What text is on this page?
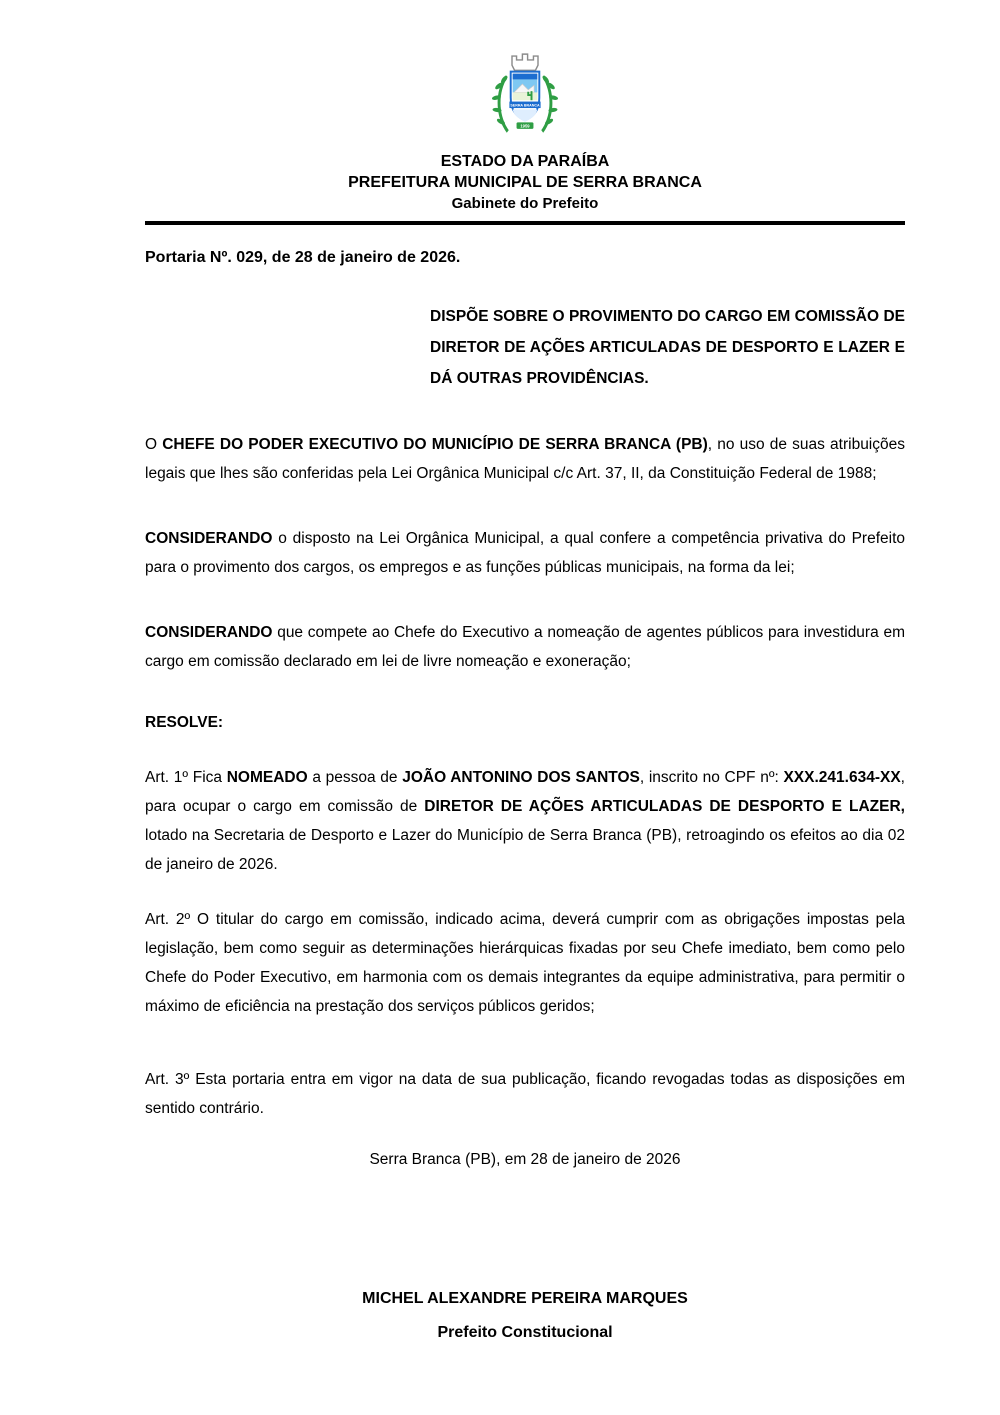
SERRA BRANCA
1959
ESTADO DA PARAÍBA
PREFEITURA MUNICIPAL DE SERRA BRANCA
Gabinete do Prefeito
Portaria Nº. 029, de 28 de janeiro de 2026.
DISPÕE SOBRE O PROVIMENTO DO CARGO EM COMISSÃO DE DIRETOR DE AÇÕES ARTICULADAS DE DESPORTO E LAZER E DÁ OUTRAS PROVIDÊNCIAS.

O CHEFE DO PODER EXECUTIVO DO MUNICÍPIO DE SERRA BRANCA (PB), no uso de suas atribuições legais que lhes são conferidas pela Lei Orgânica Municipal c/c Art. 37, II, da Constituição Federal de 1988;

CONSIDERANDO o disposto na Lei Orgânica Municipal, a qual confere a competência privativa do Prefeito para o provimento dos cargos, os empregos e as funções públicas municipais, na forma da lei;

CONSIDERANDO que compete ao Chefe do Executivo a nomeação de agentes públicos para investidura em cargo em comissão declarado em lei de livre nomeação e exoneração;

RESOLVE:

Art. 1º Fica NOMEADO a pessoa de JOÃO ANTONINO DOS SANTOS, inscrito no CPF nº: XXX.241.634-XX, para ocupar o cargo em comissão de DIRETOR DE AÇÕES ARTICULADAS DE DESPORTO E LAZER, lotado na Secretaria de Desporto e Lazer do Município de Serra Branca (PB), retroagindo os efeitos ao dia 02 de janeiro de 2026.

Art. 2º O titular do cargo em comissão, indicado acima, deverá cumprir com as obrigações impostas pela legislação, bem como seguir as determinações hierárquicas fixadas por seu Chefe imediato, bem como pelo Chefe do Poder Executivo, em harmonia com os demais integrantes da equipe administrativa, para permitir o máximo de eficiência na prestação dos serviços públicos geridos;

Art. 3º Esta portaria entra em vigor na data de sua publicação, ficando revogadas todas as disposições em sentido contrário.

Serra Branca (PB), em 28 de janeiro de 2026
MICHEL ALEXANDRE PEREIRA MARQUES
Prefeito Constitucional
